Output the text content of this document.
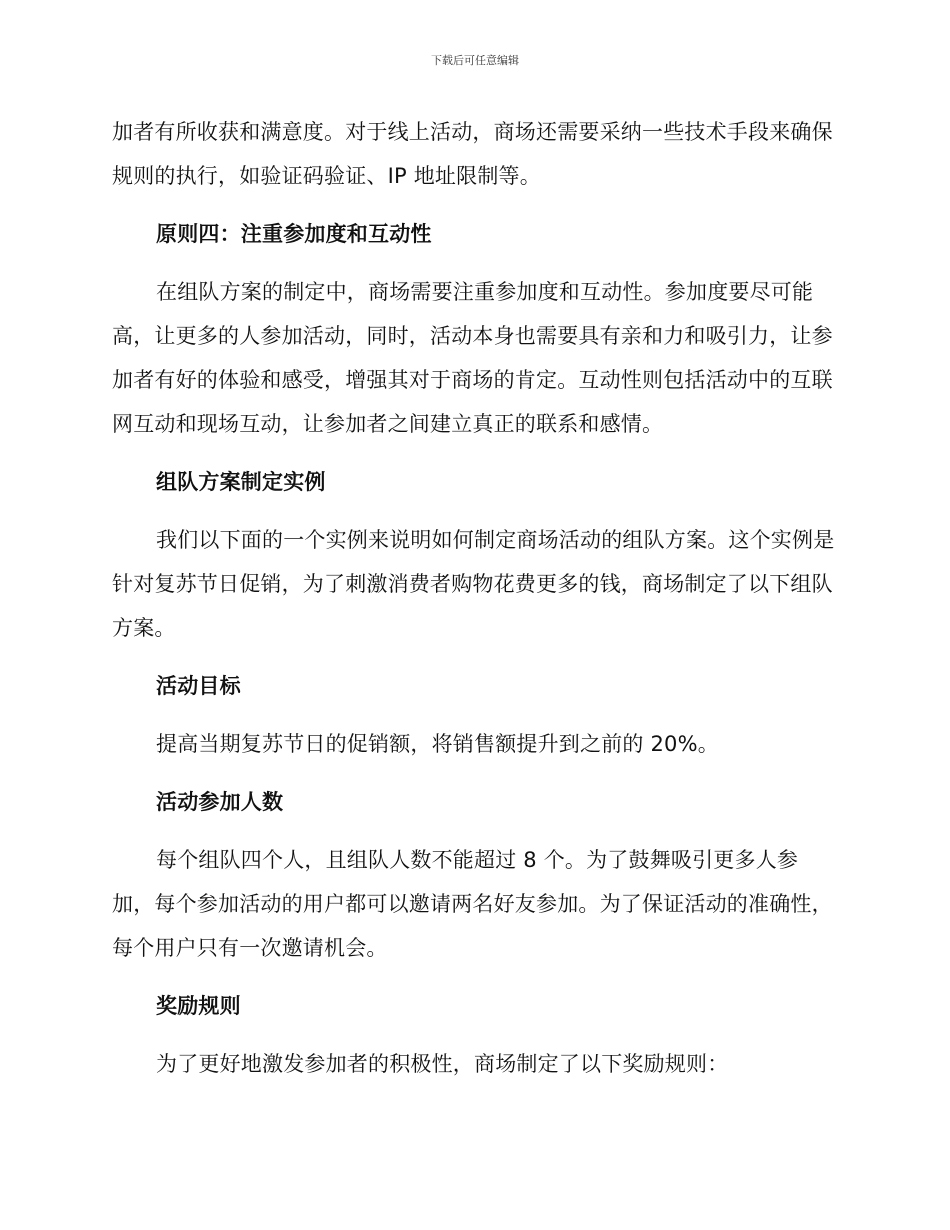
下载后可任意编辑

加者有所收获和满意度。对于线上活动，商场还需要采纳一些技术手段来确保规则的执行，如验证码验证、IP 地址限制等。

原则四：注重参加度和互动性

在组队方案的制定中，商场需要注重参加度和互动性。参加度要尽可能高，让更多的人参加活动，同时，活动本身也需要具有亲和力和吸引力，让参加者有好的体验和感受，增强其对于商场的肯定。互动性则包括活动中的互联网互动和现场互动，让参加者之间建立真正的联系和感情。

组队方案制定实例

我们以下面的一个实例来说明如何制定商场活动的组队方案。这个实例是针对复苏节日促销，为了刺激消费者购物花费更多的钱，商场制定了以下组队方案。

活动目标

提高当期复苏节日的促销额，将销售额提升到之前的 20%。

活动参加人数

每个组队四个人，且组队人数不能超过 8 个。为了鼓舞吸引更多人参加，每个参加活动的用户都可以邀请两名好友参加。为了保证活动的准确性，每个用户只有一次邀请机会。

奖励规则

为了更好地激发参加者的积极性，商场制定了以下奖励规则：
